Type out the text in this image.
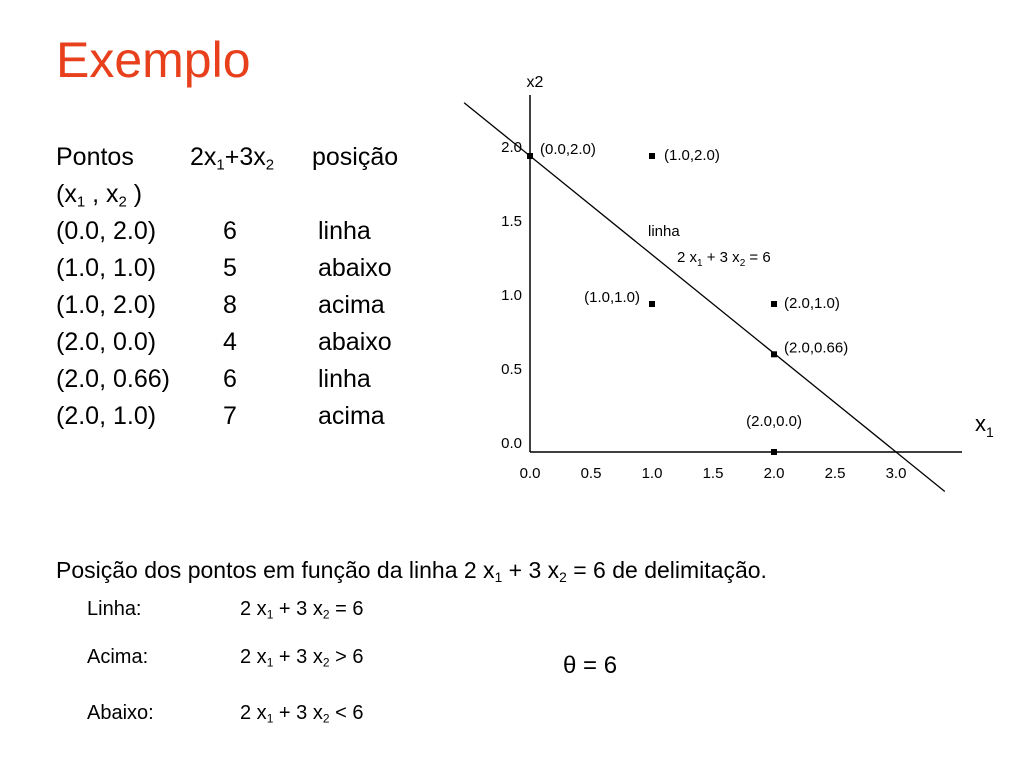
Exemplo
Pontos $2x_1+3x_2$ posição
($x_1$ , $x_2$ )
(0.0, 2.0)	6	linha
(1.0, 1.0)	5	abaixo
(1.0, 2.0)	8	acima
(2.0, 0.0)	4	abaixo
(2.0, 0.66) 6	linha
(2.0, 1.0)	7	acima
x2
$x_1$
0.0	0.5	1.0	1.5	2.0	2.5	3.0
0.0
0.5
1.0
1.5
2.0
linha
2 $x_1 + 3$ $x_2 = 6$
(0.0,2.0)	(1.0,2.0)
(1.0,1.0)	(2.0,1.0)
(2.0,0.66)
(2.0,0.0)
Posição dos pontos em função da linha 2 $x_1 + 3$ $x_2 = 6$ de delimitação.
Linha:	2 $x_1 + 3$ $x_2 = 6$
Acima:	2 $x_1 + 3$ $x_2 > 6$
Abaixo:	2 $x_1 + 3$ $x_2 < 6$
θ = 6
